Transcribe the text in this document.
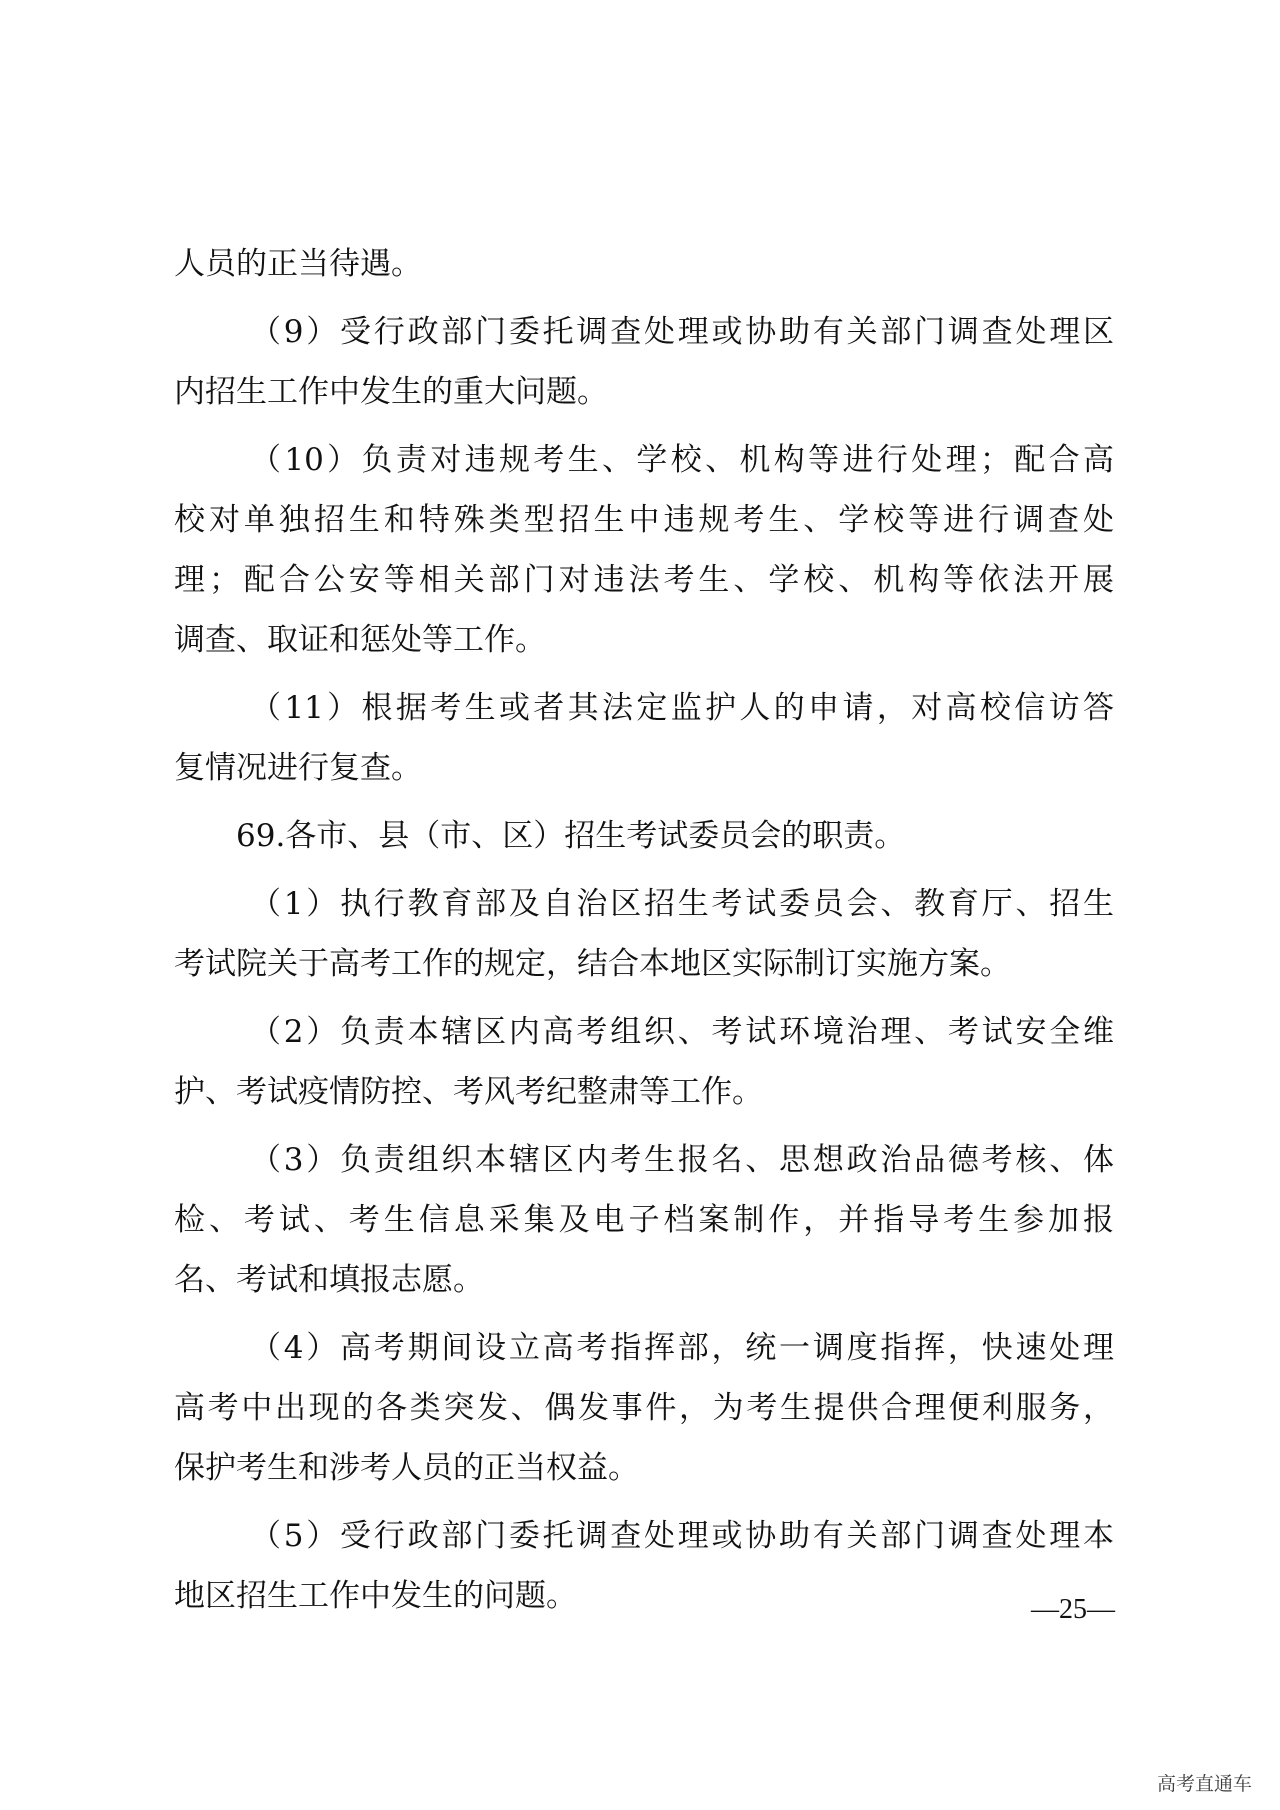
人员的正当待遇。
（9）受行政部门委托调查处理或协助有关部门调查处理区
内招生工作中发生的重大问题。
（10）负责对违规考生、学校、机构等进行处理；配合高
校对单独招生和特殊类型招生中违规考生、学校等进行调查处
理；配合公安等相关部门对违法考生、学校、机构等依法开展
调查、取证和惩处等工作。
（11）根据考生或者其法定监护人的申请，对高校信访答
复情况进行复查。
69.各市、县（市、区）招生考试委员会的职责。
（1）执行教育部及自治区招生考试委员会、教育厅、招生
考试院关于高考工作的规定，结合本地区实际制订实施方案。
（2）负责本辖区内高考组织、考试环境治理、考试安全维
护、考试疫情防控、考风考纪整肃等工作。
（3）负责组织本辖区内考生报名、思想政治品德考核、体
检、考试、考生信息采集及电子档案制作，并指导考生参加报
名、考试和填报志愿。
（4）高考期间设立高考指挥部，统一调度指挥，快速处理
高考中出现的各类突发、偶发事件，为考生提供合理便利服务，
保护考生和涉考人员的正当权益。
（5）受行政部门委托调查处理或协助有关部门调查处理本
地区招生工作中发生的问题。	—25—
高考直通车
